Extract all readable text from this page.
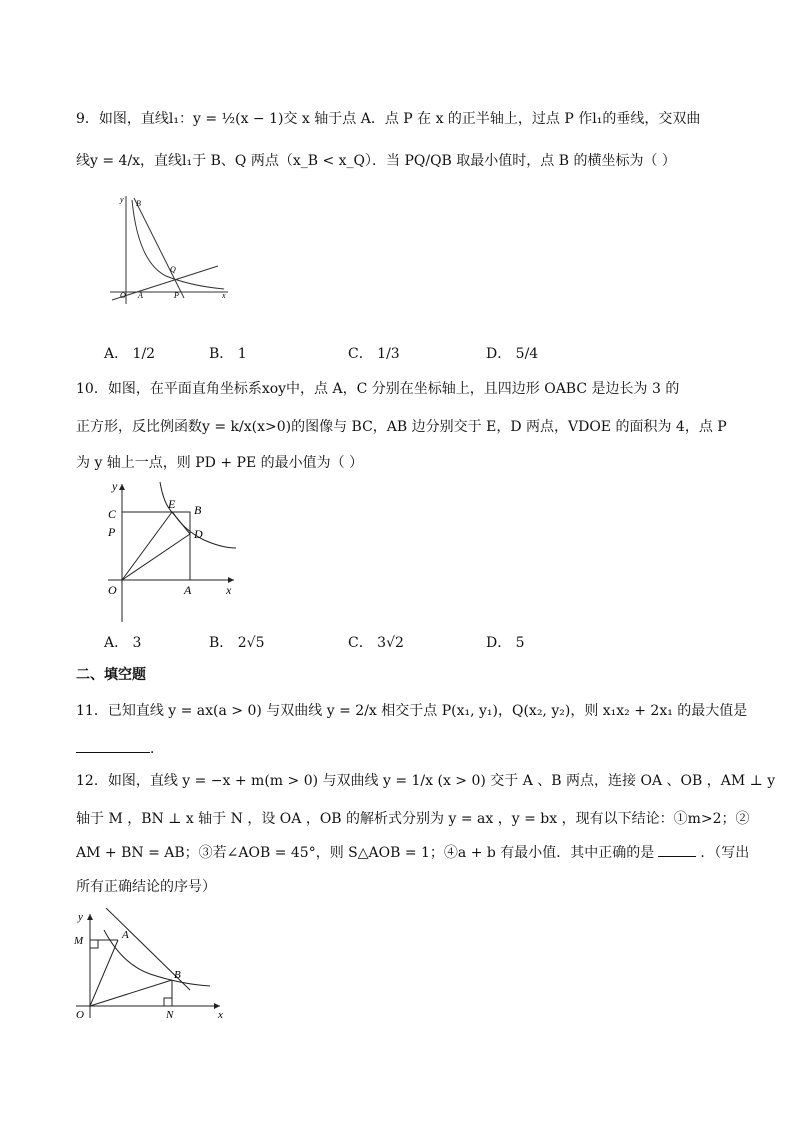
9．如图，直线l₁：y = ½(x − 1)交 x 轴于点 A．点 P 在 x 的正半轴上，过点 P 作l₁的垂线，交双曲
线y = 4/x，直线l₁于 B、Q 两点（x_B < x_Q）．当 PQ/QB 取最小值时，点 B 的横坐标为（ ）
y
x
B
Q
O A	P
A． 1/2	B． 1	C． 1/3	D． 5/4
10．如图，在平面直角坐标系xoy中，点 A，C 分别在坐标轴上，且四边形 OABC 是边长为 3 的
正方形，反比例函数y = k/x(x>0)的图像与 BC，AB 边分别交于 E，D 两点，VDOE 的面积为 4，点 P
为 y 轴上一点，则 PD + PE 的最小值为（ ）
y
x
C
E B
P	D
O	A
A． 3	B． 2√5	C． 3√2	D． 5
二、填空题
11．已知直线 y = ax(a > 0) 与双曲线 y = 2/x 相交于点 P(x₁, y₁)，Q(x₂, y₂)，则 x₁x₂ + 2x₁ 的最大值是
．
12．如图，直线 y = −x + m(m > 0) 与双曲线 y = 1/x (x > 0) 交于 A 、B 两点，连接 OA 、OB ，AM ⊥ y
轴于 M ，BN ⊥ x 轴于 N ，设 OA ，OB 的解析式分别为 y = ax ，y = bx ，现有以下结论：①m>2；②
AM + BN = AB；③若∠AOB = 45°，则 S△AOB = 1；④a + b 有最小值．其中正确的是	．（写出
所有正确结论的序号）
y
x
M	A
B
O	N
